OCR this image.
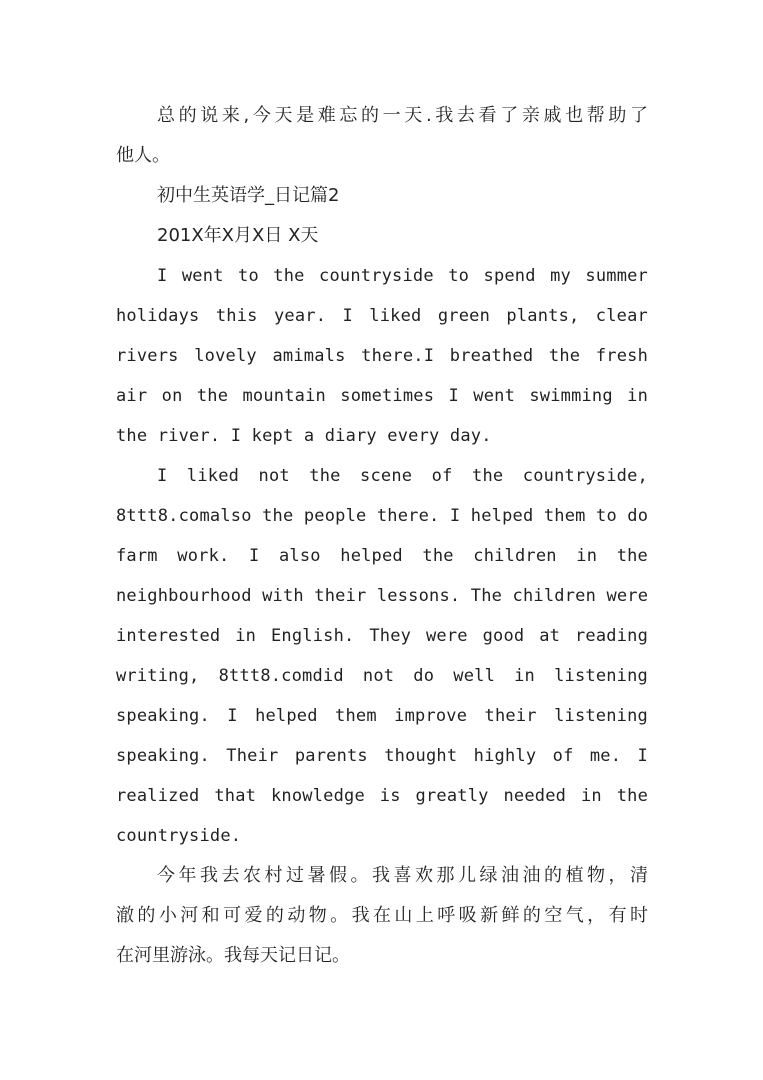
总的说来,今天是难忘的一天.我去看了亲戚也帮助了
他人。
初中生英语学_日记篇2
201X年X月X日 X天
I went to the countryside to spend my summer
holidays this year. I liked green plants, clear
rivers lovely amimals there.I breathed the fresh
air on the mountain sometimes I went swimming in
the river. I kept a diary every day.
I liked not the scene of the countryside,
8ttt8.comalso the people there. I helped them to do
farm work. I also helped the children in the
neighbourhood with their lessons. The children were
interested in English. They were good at reading
writing, 8ttt8.comdid not do well in listening
speaking. I helped them improve their listening
speaking. Their parents thought highly of me. I
realized that knowledge is greatly needed in the
countryside.
今年我去农村过暑假。我喜欢那儿绿油油的植物，清
澈的小河和可爱的动物。我在山上呼吸新鲜的空气，有时
在河里游泳。我每天记日记。
